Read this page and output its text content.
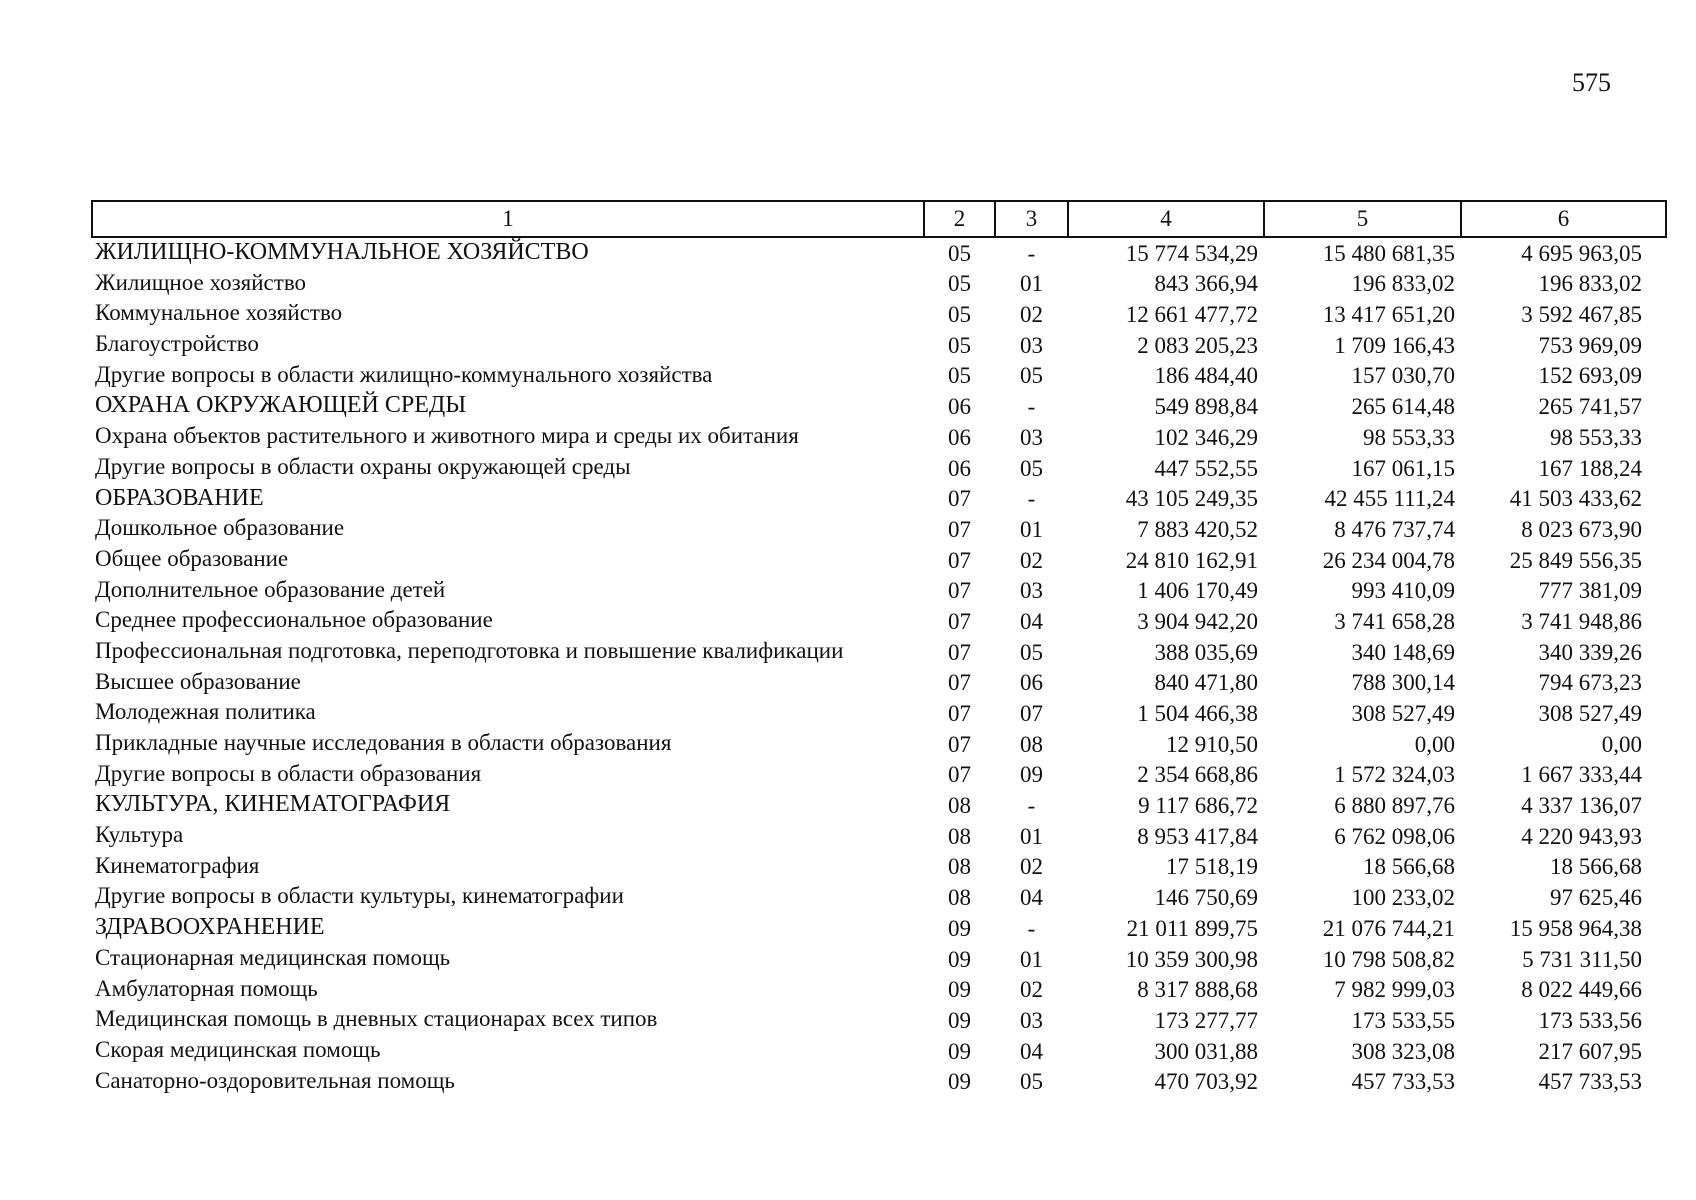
575
1	2	3	4	5	6
ЖИЛИЩНО-КОММУНАЛЬНОЕ ХОЗЯЙСТВО	05	-	15 774 534,29	15 480 681,35	4 695 963,05
Жилищное хозяйство	05	01	843 366,94	196 833,02	196 833,02
Коммунальное хозяйство	05	02	12 661 477,72	13 417 651,20	3 592 467,85
Благоустройство	05	03	2 083 205,23	1 709 166,43	753 969,09
Другие вопросы в области жилищно-коммунального хозяйства	05	05	186 484,40	157 030,70	152 693,09
ОХРАНА ОКРУЖАЮЩЕЙ СРЕДЫ	06	-	549 898,84	265 614,48	265 741,57
Охрана объектов растительного и животного мира и среды их обитания	06	03	102 346,29	98 553,33	98 553,33
Другие вопросы в области охраны окружающей среды	06	05	447 552,55	167 061,15	167 188,24
ОБРАЗОВАНИЕ	07	-	43 105 249,35	42 455 111,24	41 503 433,62
Дошкольное образование	07	01	7 883 420,52	8 476 737,74	8 023 673,90
Общее образование	07	02	24 810 162,91	26 234 004,78	25 849 556,35
Дополнительное образование детей	07	03	1 406 170,49	993 410,09	777 381,09
Среднее профессиональное образование	07	04	3 904 942,20	3 741 658,28	3 741 948,86
Профессиональная подготовка, переподготовка и повышение квалификации	07	05	388 035,69	340 148,69	340 339,26
Высшее образование	07	06	840 471,80	788 300,14	794 673,23
Молодежная политика	07	07	1 504 466,38	308 527,49	308 527,49
Прикладные научные исследования в области образования	07	08	12 910,50	0,00	0,00
Другие вопросы в области образования	07	09	2 354 668,86	1 572 324,03	1 667 333,44
КУЛЬТУРА, КИНЕМАТОГРАФИЯ	08	-	9 117 686,72	6 880 897,76	4 337 136,07
Культура	08	01	8 953 417,84	6 762 098,06	4 220 943,93
Кинематография	08	02	17 518,19	18 566,68	18 566,68
Другие вопросы в области культуры, кинематографии	08	04	146 750,69	100 233,02	97 625,46
ЗДРАВООХРАНЕНИЕ	09	-	21 011 899,75	21 076 744,21	15 958 964,38
Стационарная медицинская помощь	09	01	10 359 300,98	10 798 508,82	5 731 311,50
Амбулаторная помощь	09	02	8 317 888,68	7 982 999,03	8 022 449,66
Медицинская помощь в дневных стационарах всех типов	09	03	173 277,77	173 533,55	173 533,56
Скорая медицинская помощь	09	04	300 031,88	308 323,08	217 607,95
Санаторно-оздоровительная помощь	09	05	470 703,92	457 733,53	457 733,53
